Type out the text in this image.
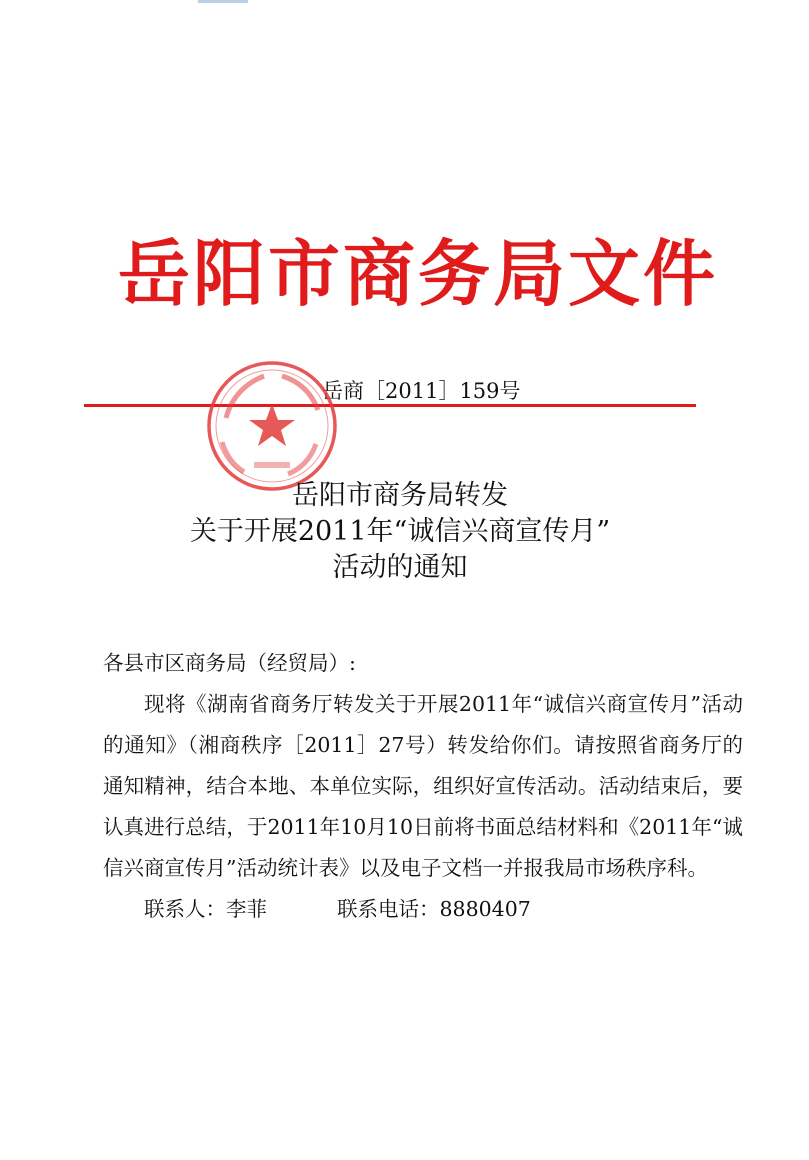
岳阳市商务局文件
岳商［2011］159号
岳阳市商务局转发
关于开展2011年“诚信兴商宣传月”
活动的通知

各县市区商务局（经贸局）:

现将《湖南省商务厅转发关于开展2011年“诚信兴商宣传月”活动的通知》（湘商秩序［2011］27号）转发给你们。请按照省商务厅的通知精神，结合本地、本单位实际，组织好宣传活动。活动结束后，要认真进行总结，于2011年10月10日前将书面总结材料和《2011年“诚信兴商宣传月”活动统计表》以及电子文档一并报我局市场秩序科。

联系人：李菲	联系电话：8880407
